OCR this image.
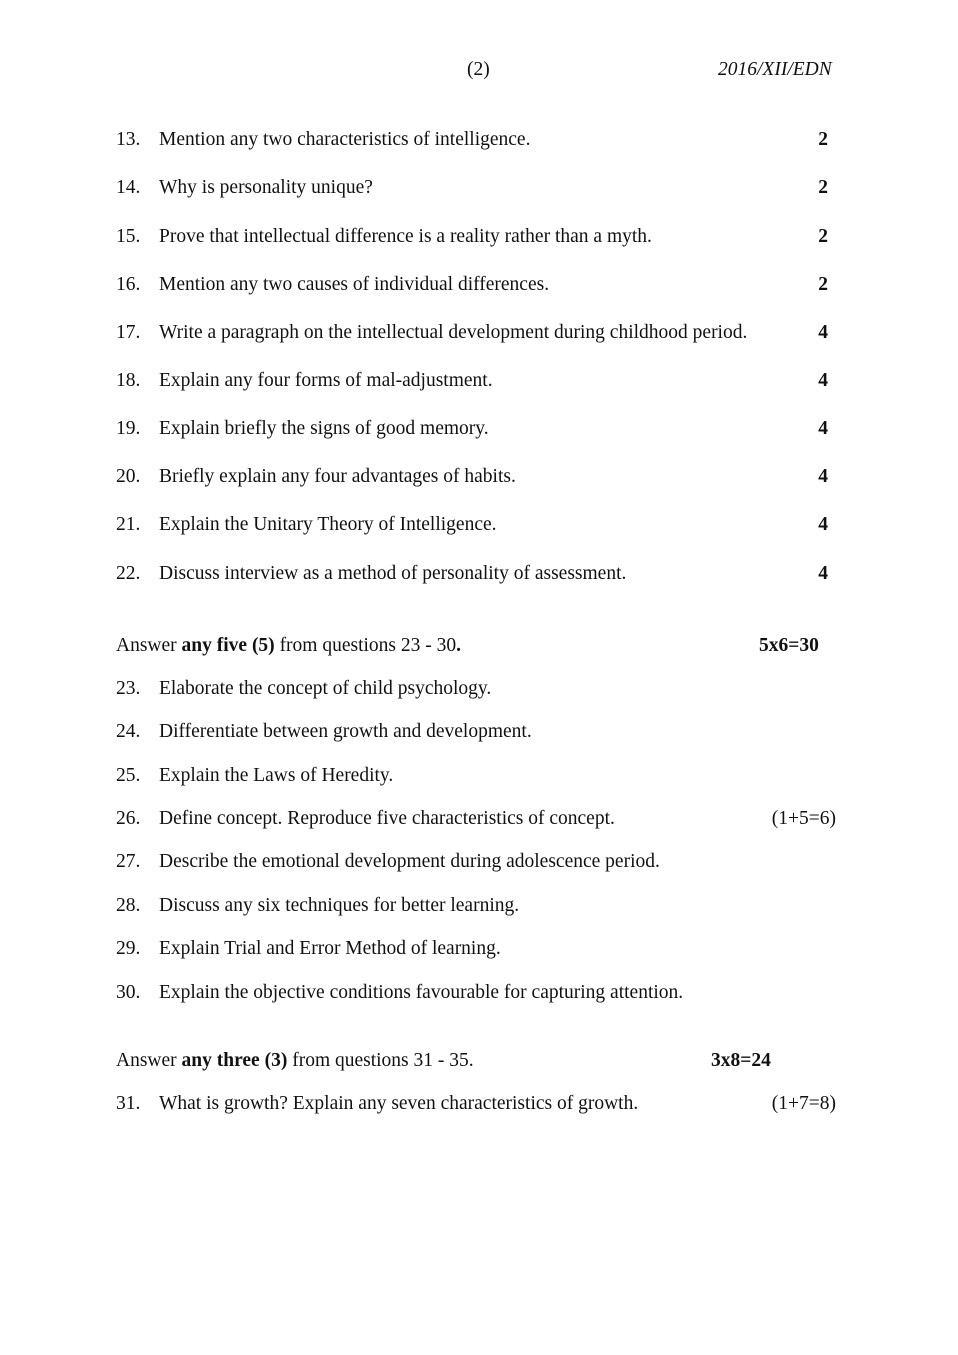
(2)	2016/XII/EDN
13. Mention any two characteristics of intelligence.	2
14. Why is personality unique?	2
15. Prove that intellectual difference is a reality rather than a myth.	2
16. Mention any two causes of individual differences.	2
17. Write a paragraph on the intellectual development during childhood period.	4
18. Explain any four forms of mal-adjustment.	4
19. Explain briefly the signs of good memory.	4
20. Briefly explain any four advantages of habits.	4
21. Explain the Unitary Theory of Intelligence.	4
22. Discuss interview as a method of personality of assessment.	4
Answer any five (5) from questions 23 - 30.	5x6=30
23. Elaborate the concept of child psychology.
24. Differentiate between growth and development.
25. Explain the Laws of Heredity.
26. Define concept. Reproduce five characteristics of concept.	(1+5=6)
27. Describe the emotional development during adolescence period.
28. Discuss any six techniques for better learning.
29. Explain Trial and Error Method of learning.
30. Explain the objective conditions favourable for capturing attention.
Answer any three (3) from questions 31 - 35.	3x8=24
31. What is growth? Explain any seven characteristics of growth.	(1+7=8)
